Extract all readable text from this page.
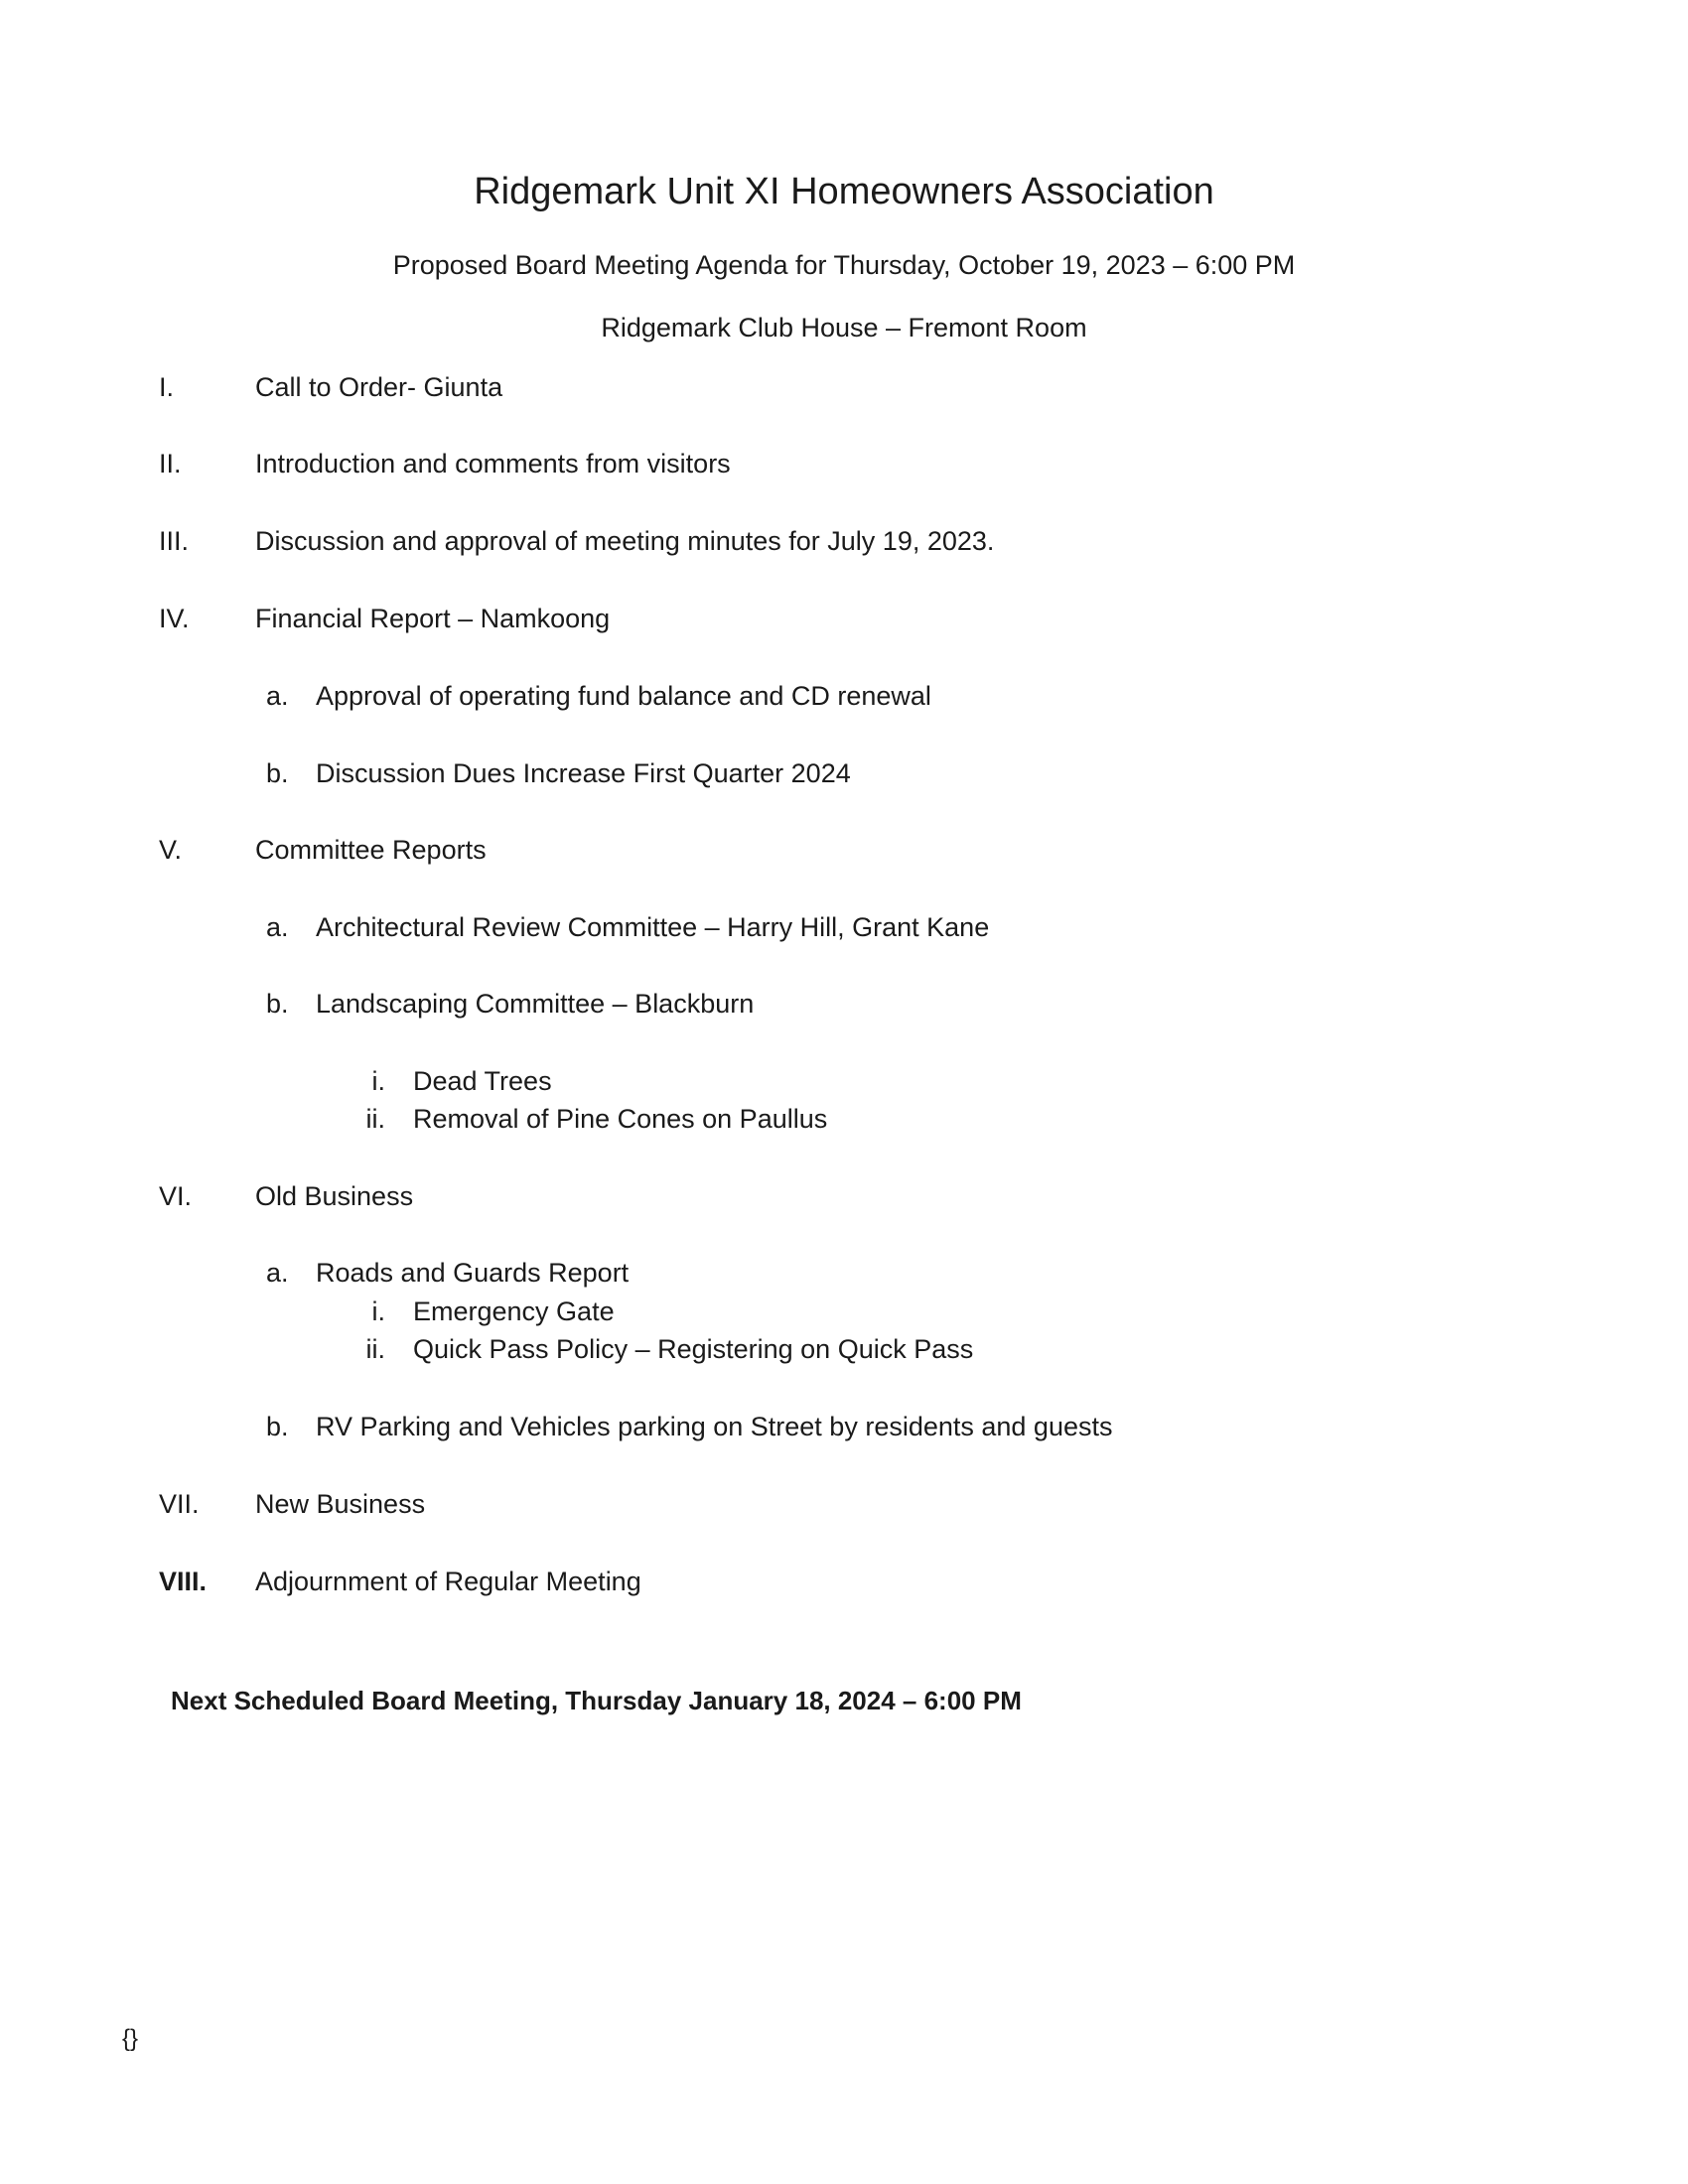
Ridgemark Unit XI Homeowners Association
Proposed Board Meeting Agenda for Thursday, October 19, 2023 – 6:00 PM
Ridgemark Club House – Fremont Room
I.	Call to Order- Giunta
II.	Introduction and comments from visitors
III. Discussion and approval of meeting minutes for July 19, 2023.
IV. Financial Report – Namkoong
a. Approval of operating fund balance and CD renewal
b. Discussion Dues Increase First Quarter 2024
V.	Committee Reports
a. Architectural Review Committee – Harry Hill, Grant Kane
b. Landscaping Committee – Blackburn
i. Dead Trees
ii. Removal of Pine Cones on Paullus
VI. Old Business
a. Roads and Guards Report
i. Emergency Gate
ii. Quick Pass Policy – Registering on Quick Pass
b. RV Parking and Vehicles parking on Street by residents and guests
VII. New Business
VIII. Adjournment of Regular Meeting
Next Scheduled Board Meeting, Thursday January 18, 2024 – 6:00 PM
{}
